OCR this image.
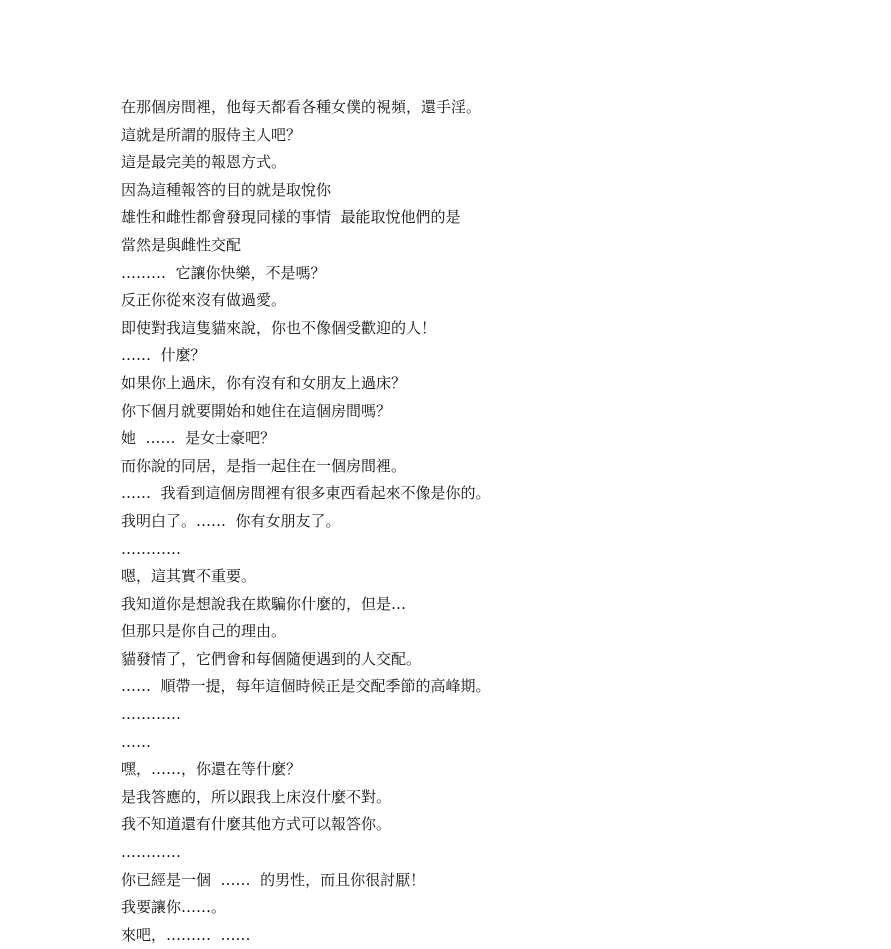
在那個房間裡，他每天都看各種女僕的視頻，還手淫。
這就是所謂的服侍主人吧？
這是最完美的報恩方式。
因為這種報答的目的就是取悅你
雄性和雌性都會發現同樣的事情  最能取悅他們的是
當然是與雌性交配
………  它讓你快樂，不是嗎？
反正你從來沒有做過愛。
即使對我這隻貓來說，你也不像個受歡迎的人！
……  什麼？
如果你上過床，你有沒有和女朋友上過床？
你下個月就要開始和她住在這個房間嗎？
她  ……  是女士豪吧？
而你說的同居，是指一起住在一個房間裡。
……  我看到這個房間裡有很多東西看起來不像是你的。
我明白了。……  你有女朋友了。
…………
嗯，這其實不重要。
我知道你是想說我在欺騙你什麼的，但是…
但那只是你自己的理由。
貓發情了，它們會和每個隨便遇到的人交配。
……  順帶一提，每年這個時候正是交配季節的高峰期。
…………
……
嘿，……，你還在等什麼？
是我答應的，所以跟我上床沒什麼不對。
我不知道還有什麼其他方式可以報答你。
…………
你已經是一個  ……  的男性，而且你很討厭！
我要讓你……。
來吧，………  ……
